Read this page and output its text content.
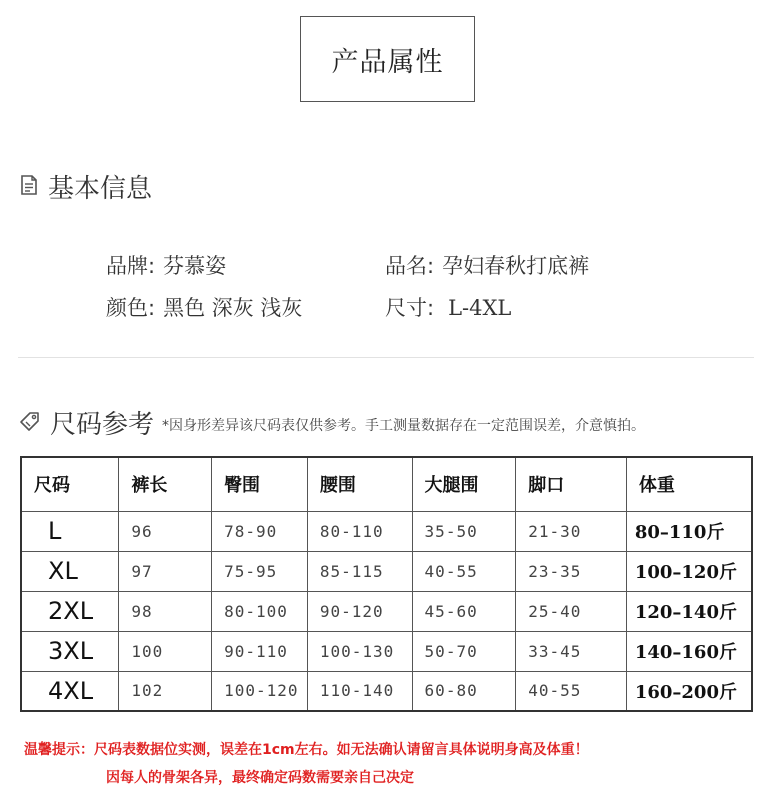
产品属性
基本信息
品牌: 芬慕姿	品名: 孕妇春秋打底裤
颜色: 黑色 深灰 浅灰	尺寸: L-4XL
尺码参考 *因身形差异该尺码表仅供参考。手工测量数据存在一定范围误差，介意慎拍。
尺码	裤长	臀围	腰围	大腿围	脚口	体重
L	96	78-90	80-110	35-50	21-30	80–110斤
XL	97	75-95	85-115	40-55	23-35	100–120斤
2XL	98	80-100	90-120	45-60	25-40	120–140斤
3XL	100	90-110	100-130	50-70	33-45	140–160斤
4XL	102	100-120	110-140	60-80	40-55	160–200斤
温馨提示：尺码表数据位实测，误差在1cm左右。如无法确认请留言具体说明身高及体重！
因每人的骨架各异，最终确定码数需要亲自己决定
